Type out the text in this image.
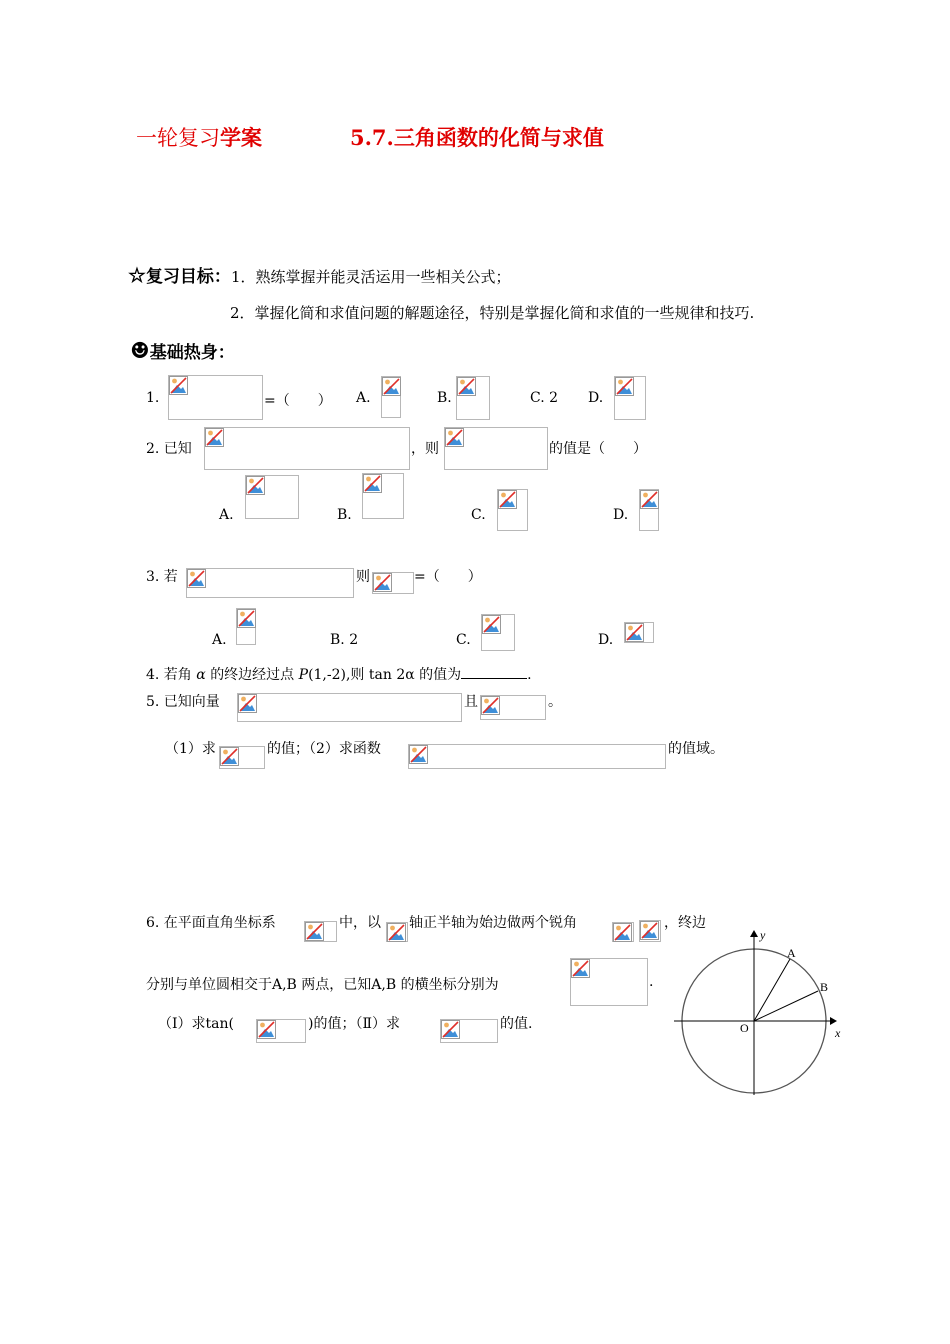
一轮复习学案	5.7.三角函数的化简与求值
☆复习目标：1．熟练掌握并能灵活运用一些相关公式；
2．掌握化简和求值问题的解题途径，特别是掌握化简和求值的一些规律和技巧.
☻基础热身：
1.	=（　　） A.	B.	C. 2 D.
2. 已知	，则	的值是（　　）
A.	B.	C.	D.
3. 若	则	=（　　）
A.	B. 2	C.	D.
4. 若角 α 的终边经过点 P(1,-2),则 tan 2α 的值为	.
5. 已知向量	且	。
（1）求	的值；（2）求函数	的值域。
6. 在平面直角坐标系	中，以 轴正半轴为始边做两个锐角	，终边
分别与单位圆相交于A,B 两点，已知A,B 的横坐标分别为	.
（Ⅰ）求tan(	)的值；（Ⅱ）求	的值.
y
x
O
A
B
